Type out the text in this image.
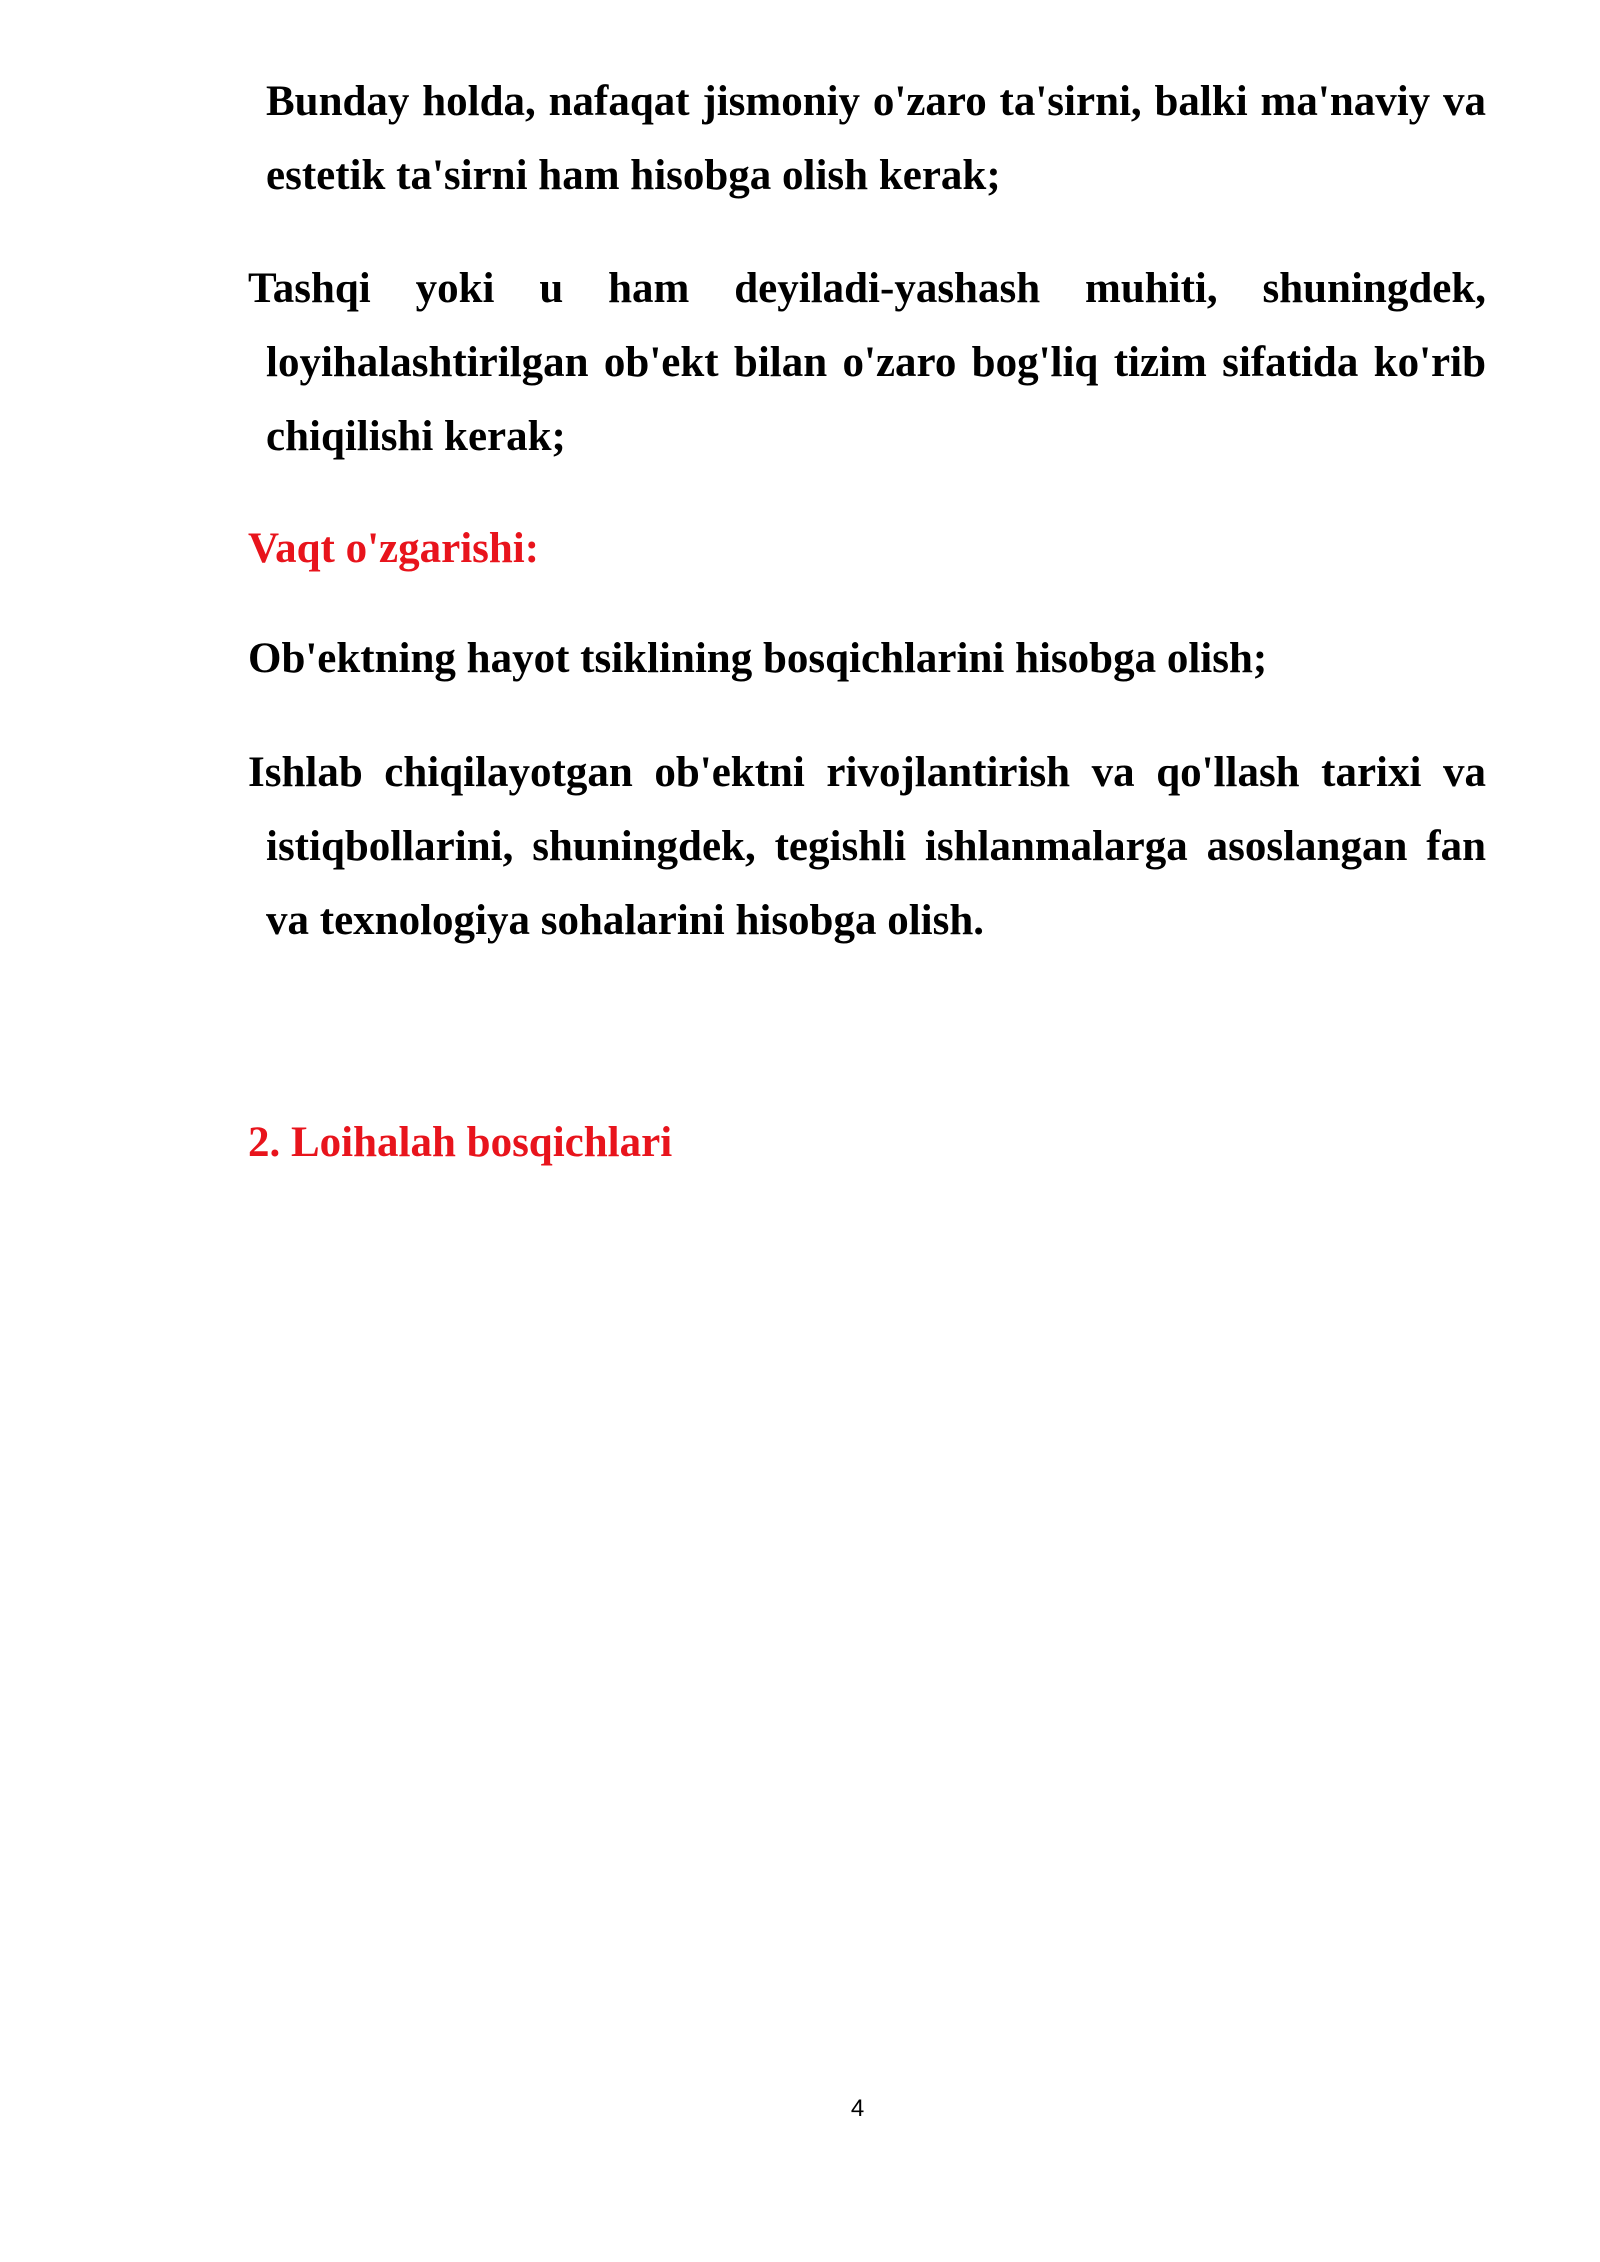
Bunday holda, nafaqat jismoniy o'zaro ta'sirni, balki ma'naviy va estetik ta'sirni ham hisobga olish kerak;

Tashqi yoki u ham deyiladi-yashash muhiti, shuningdek, loyihalashtirilgan ob'ekt bilan o'zaro bog'liq tizim sifatida ko'rib chiqilishi kerak;

Vaqt o'zgarishi:

Ob'ektning hayot tsiklining bosqichlarini hisobga olish;

Ishlab chiqilayotgan ob'ektni rivojlantirish va qo'llash tarixi va istiqbollarini, shuningdek, tegishli ishlanmalarga asoslangan fan va texnologiya sohalarini hisobga olish.

2. Loihalah bosqichlari

4
